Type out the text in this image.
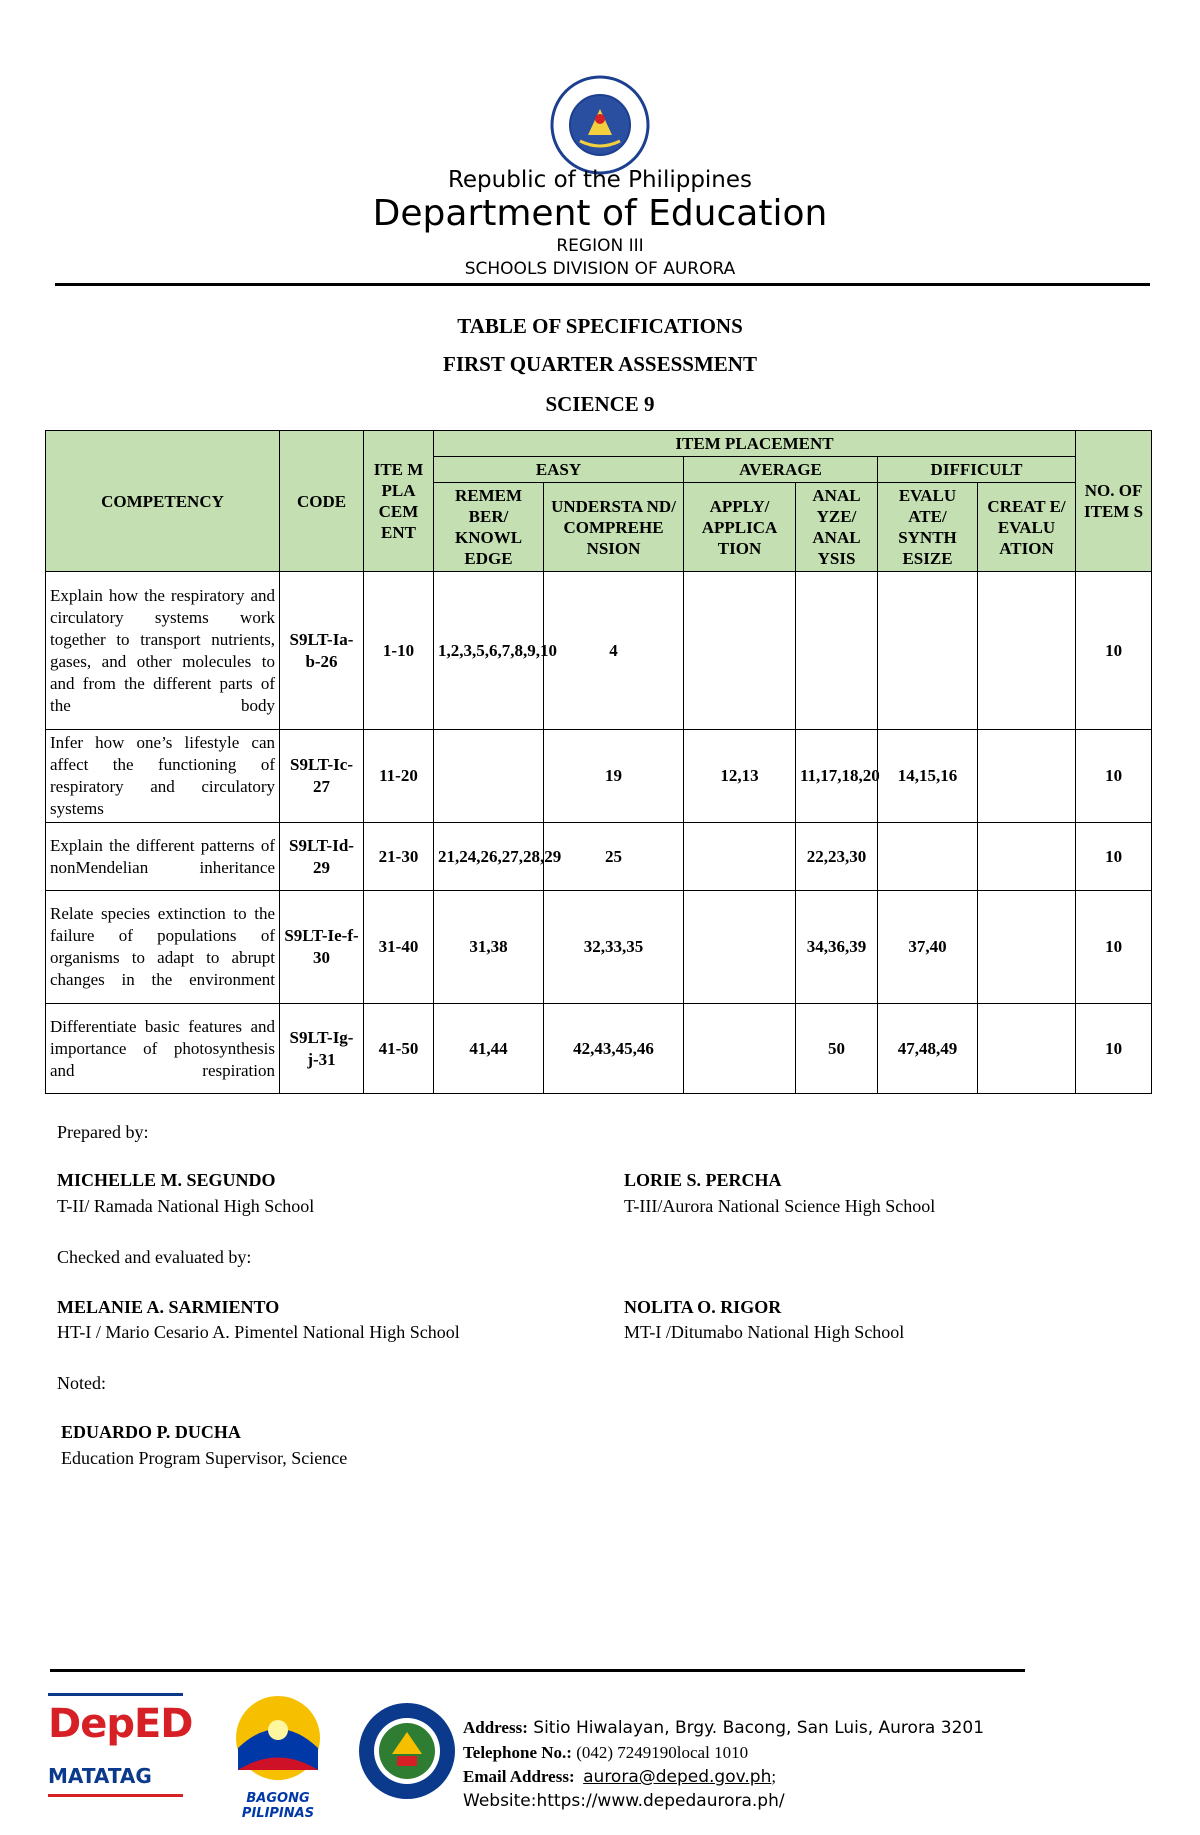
Republic of the Philippines
Department of Education
REGION III
SCHOOLS DIVISION OF AURORA
TABLE OF SPECIFICATIONS
FIRST QUARTER ASSESSMENT
SCIENCE 9
COMPETENCY	CODE	ITE M PLA CEM ENT	ITEM PLACEMENT						NO. OF ITEM S
			EASY		AVERAGE		DIFFICULT		
			REMEM BER/ KNOWL EDGE	UNDERSTA ND/ COMPREHE NSION	APPLY/ APPLICA TION	ANAL YZE/ ANAL YSIS	EVALU ATE/ SYNTH ESIZE	CREAT E/ EVALU ATION	

Explain how the respiratory and circulatory systems work together to transport nutrients, gases, and other molecules to and from the different parts of the body	S9LT-Ia-b-26	1-10	1,2,3,5,6,7,8,9,10	4					10
Infer how one’s lifestyle can affect the functioning of respiratory and circulatory systems	S9LT-Ic-27	11-20		19	12,13	11,17,18,20	14,15,16		10
Explain the different patterns of nonMendelian inheritance	S9LT-Id-29	21-30	21,24,26,27,28,29	25		22,23,30			10
Relate species extinction to the failure of populations of organisms to adapt to abrupt changes in the environment	S9LT-Ie-f-30	31-40	31,38	32,33,35		34,36,39	37,40		10
Differentiate basic features and importance of photosynthesis and respiration	S9LT-Ig-j-31	41-50	41,44	42,43,45,46		50	47,48,49		10
Prepared by:
MICHELLE M. SEGUNDO
T-II/ Ramada National High School
LORIE S. PERCHA
T-III/Aurora National Science High School
Checked and evaluated by:
MELANIE A. SARMIENTO
HT-I / Mario Cesario A. Pimentel National High School
NOLITA O. RIGOR
MT-I /Ditumabo National High School
Noted:
EDUARDO P. DUCHA
Education Program Supervisor, Science
DepED
MATATAG
BAGONG PILIPINAS
Address: Sitio Hiwalayan, Brgy. Bacong, San Luis, Aurora 3201
Telephone No.: (042) 7249190local 1010
Email Address: aurora@deped.gov.ph;
Website:https://www.depedaurora.ph/
